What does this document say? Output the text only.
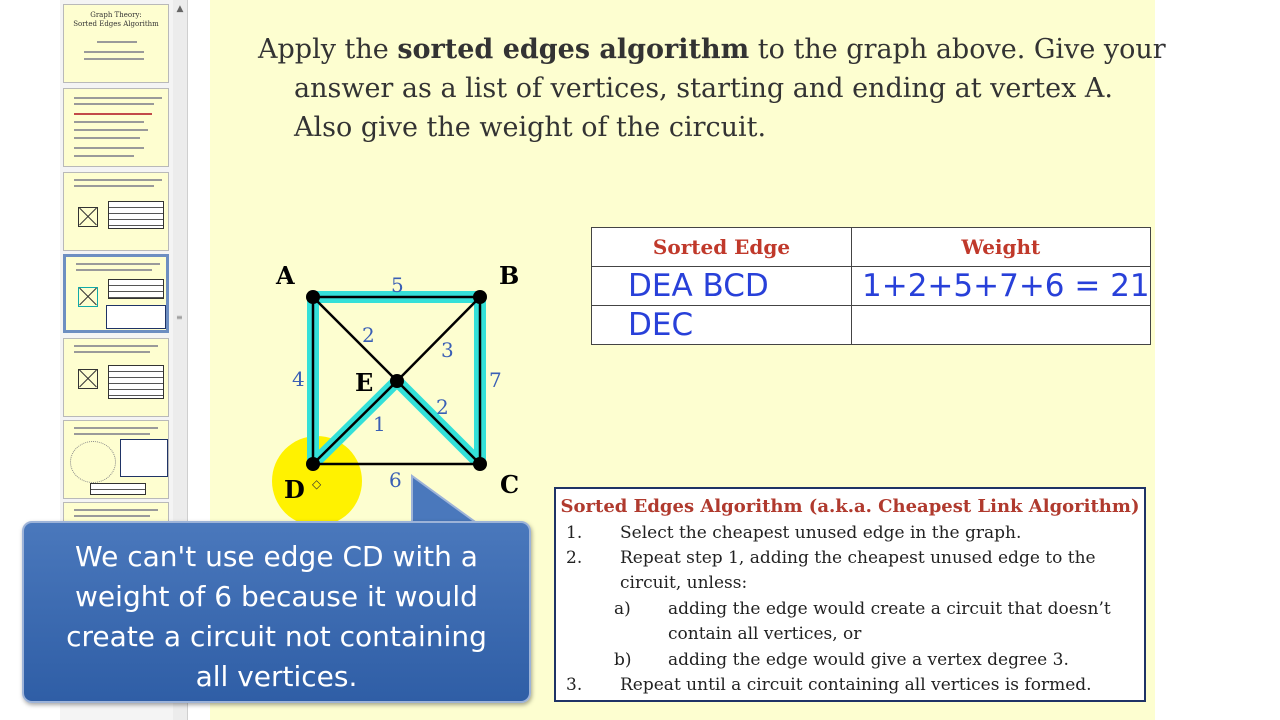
Graph Theory:
Sorted Edges Algorithm
▲
≡
Apply the sorted edges algorithm to the graph above. Give your
answer as a list of vertices, starting and ending at vertex A.
Also give the weight of the circuit.
A	B
C
D
E
5
2
3
4	7
1
2
6
◇
Sorted Edge	Weight
DEA BCD	1+2+5+7+6 = 21
DEC	
Sorted Edges Algorithm (a.k.a. Cheapest Link Algorithm)
1. Select the cheapest unused edge in the graph.
2. Repeat step 1, adding the cheapest unused edge to the
circuit, unless:
a) adding the edge would create a circuit that doesn’t
contain all vertices, or
b) adding the edge would give a vertex degree 3.
3. Repeat until a circuit containing all vertices is formed.
We can't use edge CD with a
weight of 6 because it would
create a circuit not containing
all vertices.
